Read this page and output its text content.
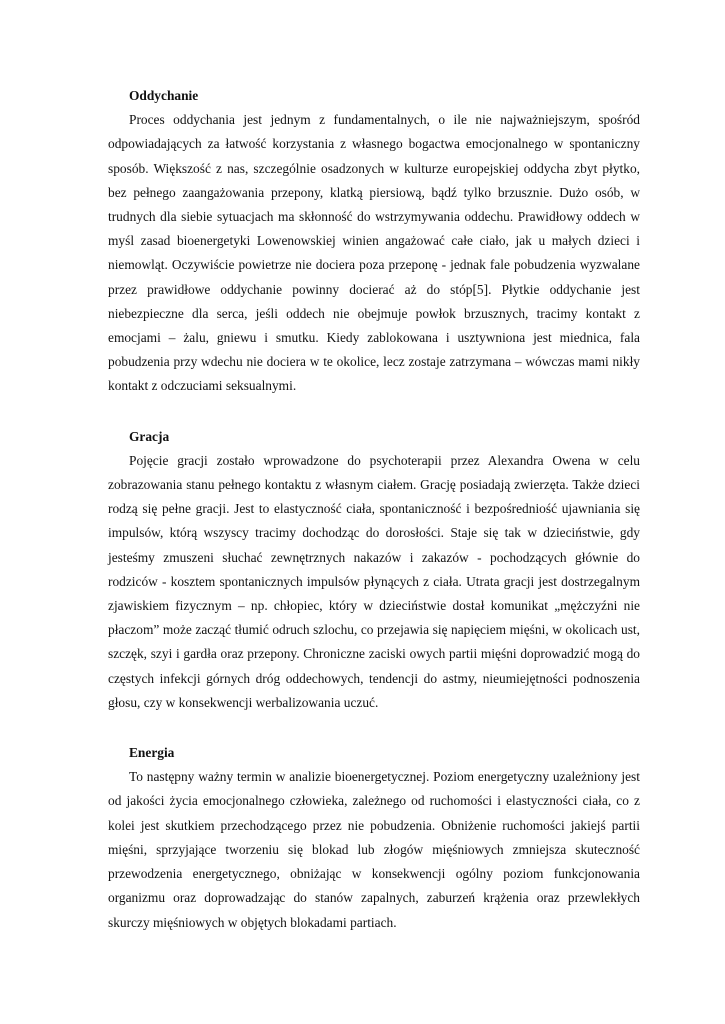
Oddychanie

Proces oddychania jest jednym z fundamentalnych, o ile nie najważniejszym, spośród odpowiadających za łatwość korzystania z własnego bogactwa emocjonalnego w spontaniczny sposób. Większość z nas, szczególnie osadzonych w kulturze europejskiej oddycha zbyt płytko, bez pełnego zaangażowania przepony, klatką piersiową, bądź tylko brzusznie. Dużo osób, w trudnych dla siebie sytuacjach ma skłonność do wstrzymywania oddechu. Prawidłowy oddech w myśl zasad bioenergetyki Lowenowskiej winien angażować całe ciało, jak u małych dzieci i niemowląt. Oczywiście powietrze nie dociera poza przeponę - jednak fale pobudzenia wyzwalane przez prawidłowe oddychanie powinny docierać aż do stóp[5]. Płytkie oddychanie jest niebezpieczne dla serca, jeśli oddech nie obejmuje powłok brzusznych, tracimy kontakt z emocjami – żalu, gniewu i smutku. Kiedy zablokowana i usztywniona jest miednica, fala pobudzenia przy wdechu nie dociera w te okolice, lecz zostaje zatrzymana – wówczas mami nikły kontakt z odczuciami seksualnymi.

Gracja

Pojęcie gracji zostało wprowadzone do psychoterapii przez Alexandra Owena w celu zobrazowania stanu pełnego kontaktu z własnym ciałem. Grację posiadają zwierzęta. Także dzieci rodzą się pełne gracji. Jest to elastyczność ciała, spontaniczność i bezpośredniość ujawniania się impulsów, którą wszyscy tracimy dochodząc do dorosłości. Staje się tak w dzieciństwie, gdy jesteśmy zmuszeni słuchać zewnętrznych nakazów i zakazów - pochodzących głównie do rodziców - kosztem spontanicznych impulsów płynących z ciała. Utrata gracji jest dostrzegalnym zjawiskiem fizycznym – np. chłopiec, który w dzieciństwie dostał komunikat „mężczyźni nie płaczom” może zacząć tłumić odruch szlochu, co przejawia się napięciem mięśni, w okolicach ust, szczęk, szyi i gardła oraz przepony. Chroniczne zaciski owych partii mięśni doprowadzić mogą do częstych infekcji górnych dróg oddechowych, tendencji do astmy, nieumiejętności podnoszenia głosu, czy w konsekwencji werbalizowania uczuć.

Energia

To następny ważny termin w analizie bioenergetycznej. Poziom energetyczny uzależniony jest od jakości życia emocjonalnego człowieka, zależnego od ruchomości i elastyczności ciała, co z kolei jest skutkiem przechodzącego przez nie pobudzenia. Obniżenie ruchomości jakiejś partii mięśni, sprzyjające tworzeniu się blokad lub złogów mięśniowych zmniejsza skuteczność przewodzenia energetycznego, obniżając w konsekwencji ogólny poziom funkcjonowania organizmu oraz doprowadzając do stanów zapalnych, zaburzeń krążenia oraz przewlekłych skurczy mięśniowych w objętych blokadami partiach.
